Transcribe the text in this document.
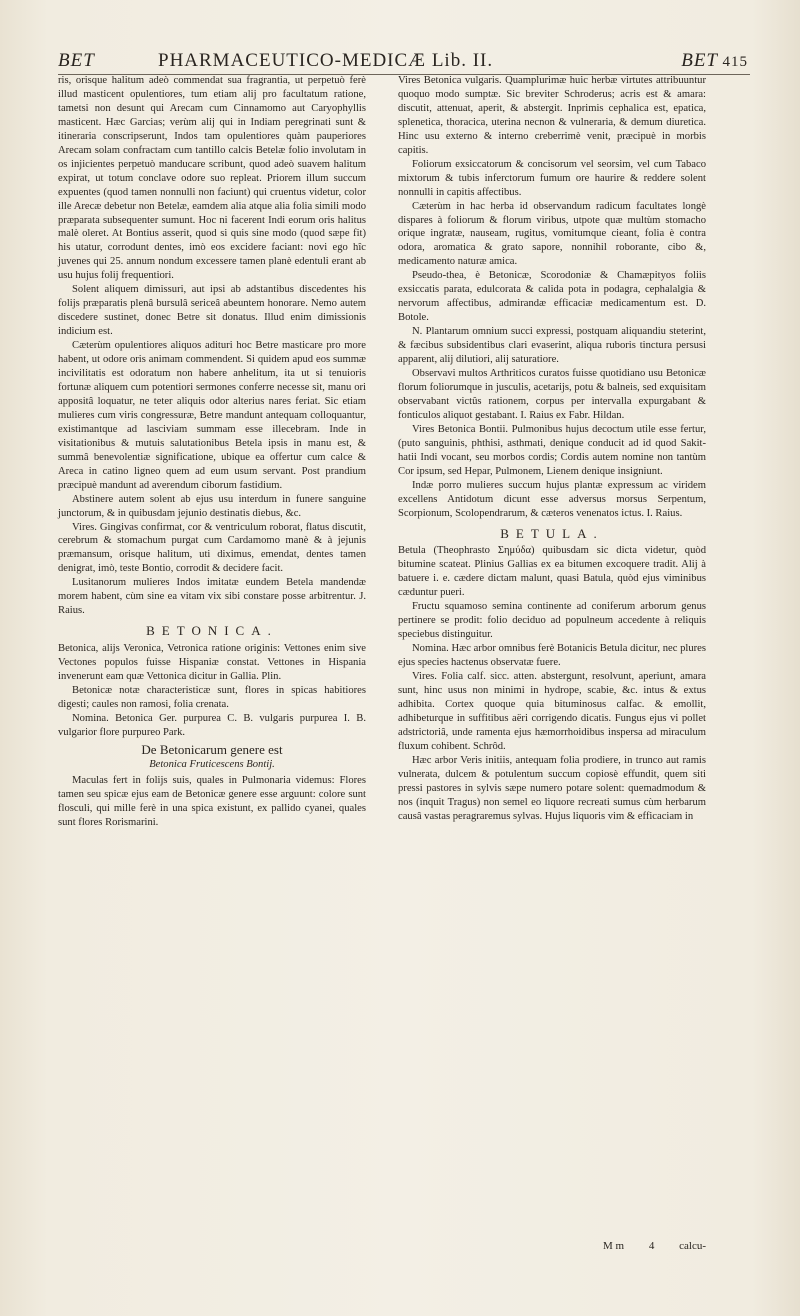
BET	PHARMACEUTICO-MEDICÆ Lib. II.	BET 415

ris, orisque halitum adeò commendat sua fragrantia, ut perpetuò ferè illud masticent opulentiores, tum etiam alij pro facultatum ratione, tametsi non desunt qui Arecam cum Cinnamomo aut Caryophyllis masticent. Hæc Garcias; verùm alij qui in Indiam peregrinati sunt & itineraria conscripserunt, Indos tam opulentiores quàm pauperiores Arecam solam confractam cum tantillo calcis Betelæ folio involutam in os injicientes perpetuò manducare scribunt, quod adeò suavem halitum expirat, ut totum conclave odore suo repleat. Priorem illum succum expuentes (quod tamen nonnulli non faciunt) qui cruentus videtur, color ille Arecæ debetur non Betelæ, eamdem alia atque alia folia simili modo præparata subsequenter sumunt. Hoc ni facerent Indi eorum oris halitus malè oleret. At Bontius asserit, quod si quis sine modo (quod sæpe fit) his utatur, corrodunt dentes, imò eos excidere faciant: novi ego hîc juvenes qui 25. annum nondum excessere tamen planè edentuli erant ab usu hujus folij frequentiori.

Solent aliquem dimissuri, aut ipsi ab adstantibus discedentes his folijs præparatis plenâ bursulâ sericeâ abeuntem honorare. Nemo autem discedere sustinet, donec Betre sit donatus. Illud enim dimissionis indicium est.

Cæterùm opulentiores aliquos adituri hoc Betre masticare pro more habent, ut odore oris animam commendent. Si quidem apud eos summæ incivilitatis est odoratum non habere anhelitum, ita ut si tenuioris fortunæ aliquem cum potentiori sermones conferre necesse sit, manu ori appositâ loquatur, ne teter aliquis odor alterius nares feriat. Sic etiam mulieres cum viris congressuræ, Betre mandunt antequam colloquantur, existimantque ad lasciviam summam esse illecebram. Inde in visitationibus & mutuis salutationibus Betela ipsis in manu est, & summâ benevolentiæ significatione, ubique ea offertur cum calce & Areca in catino ligneo quem ad eum usum servant. Post prandium præcipuè mandunt ad averendum ciborum fastidium.

Abstinere autem solent ab ejus usu interdum in funere sanguine junctorum, & in quibusdam jejunio destinatis diebus, &c.

Vires. Gingivas confirmat, cor & ventriculum roborat, flatus discutit, cerebrum & stomachum purgat cum Cardamomo manè & à jejunis præmansum, orisque halitum, uti diximus, emendat, dentes tamen denigrat, imò, teste Bontio, corrodit & decidere facit.

Lusitanorum mulieres Indos imitatæ eundem Betela mandendæ morem habent, cùm sine ea vitam vix sibi constare posse arbitrentur. J. Raius.

BETONICA.

Betonica, alijs Veronica, Vetronica ratione originis: Vettones enim sive Vectones populos fuisse Hispaniæ constat. Vettones in Hispania invenerunt eam quæ Vettonica dicitur in Gallia. Plin.

Betonicæ notæ characteristicæ sunt, flores in spicas habitiores digesti; caules non ramosi, folia crenata.

Nomina. Betonica Ger. purpurea C. B. vulgaris purpurea I. B. vulgarior flore purpureo Park.

De Betonicarum genere est
Betonica Fruticescens Bontij.

Maculas fert in folijs suis, quales in Pulmonaria videmus: Flores tamen seu spicæ ejus eam de Betonicæ genere esse arguunt: colore sunt flosculi, qui mille ferè in una spica existunt, ex pallido cyanei, quales sunt flores Rorismarini.

Vires Betonica vulgaris. Quamplurimæ huic herbæ virtutes attribuuntur quoquo modo sumptæ. Sic breviter Schroderus; acris est & amara: discutit, attenuat, aperit, & abstergit. Inprimis cephalica est, epatica, splenetica, thoracica, uterina necnon & vulneraria, & demum diuretica. Hinc usu externo & interno creberrimè venit, præcipuè in morbis capitis.

Foliorum exsiccatorum & concisorum vel seorsim, vel cum Tabaco mixtorum & tubis inferctorum fumum ore haurire & reddere solent nonnulli in capitis affectibus.

Cæterùm in hac herba id observandum radicum facultates longè dispares à foliorum & florum viribus, utpote quæ multùm stomacho orique ingratæ, nauseam, rugitus, vomitumque cieant, folia è contra odora, aromatica & grato sapore, nonnihil roborante, cibo &, medicamento naturæ amica.

Pseudo-thea, è Betonicæ, Scorodoniæ & Chamæpityos foliis exsiccatis parata, edulcorata & calida pota in podagra, cephalalgia & nervorum affectibus, admirandæ efficaciæ medicamentum est. D. Botole.

N. Plantarum omnium succi expressi, postquam aliquandiu steterint, & fæcibus subsidentibus clari evaserint, aliqua ruboris tinctura persusi apparent, alij dilutiori, alij saturatiore.

Observavi multos Arthriticos curatos fuisse quotidiano usu Betonicæ florum foliorumque in jusculis, acetarijs, potu & balneis, sed exquisitam observabant victûs rationem, corpus per intervalla expurgabant & fonticulos aliquot gestabant. I. Raius ex Fabr. Hildan.

Vires Betonica Bontii. Pulmonibus hujus decoctum utile esse fertur, (puto sanguinis, phthisi, asthmati, denique conducit ad id quod Sakit-hatii Indi vocant, seu morbos cordis; Cordis autem nomine non tantùm Cor ipsum, sed Hepar, Pulmonem, Lienem denique insigniunt.

Indæ porro mulieres succum hujus plantæ expressum ac viridem excellens Antidotum dicunt esse adversus morsus Serpentum, Scorpionum, Scolopendrarum, & cæteros venenatos ictus. I. Raius.

BETULA.

Betula (Theophrasto Σημύδα) quibusdam sic dicta videtur, quòd bitumine scateat. Plinius Gallias ex ea bitumen excoquere tradit. Alij à batuere i. e. cædere dictam malunt, quasi Batula, quòd ejus viminibus cæduntur pueri.

Fructu squamoso semina continente ad coniferum arborum genus pertinere se prodit: folio deciduo ad populneum accedente à reliquis speciebus distinguitur.

Nomina. Hæc arbor omnibus ferè Botanicis Betula dicitur, nec plures ejus species hactenus observatæ fuere.

Vires. Folia calf. sicc. atten. abstergunt, resolvunt, aperiunt, amara sunt, hinc usus non minimi in hydrope, scabie, &c. intus & extus adhibita. Cortex quoque quia bituminosus calfac. & emollit, adhibeturque in suffitibus aëri corrigendo dicatis. Fungus ejus vi pollet adstrictoriâ, unde ramenta ejus hæmorrhoidibus inspersa ad miraculum fluxum cohibent. Schrôd.

Hæc arbor Veris initiis, antequam folia prodiere, in trunco aut ramis vulnerata, dulcem & potulentum succum copiosè effundit, quem siti pressi pastores in sylvis sæpe numero potare solent: quemadmodum & nos (inquit Tragus) non semel eo liquore recreati sumus cùm herbarum causâ vastas peragraremus sylvas. Hujus liquoris vim & efficaciam in

M m 4 calcu-
